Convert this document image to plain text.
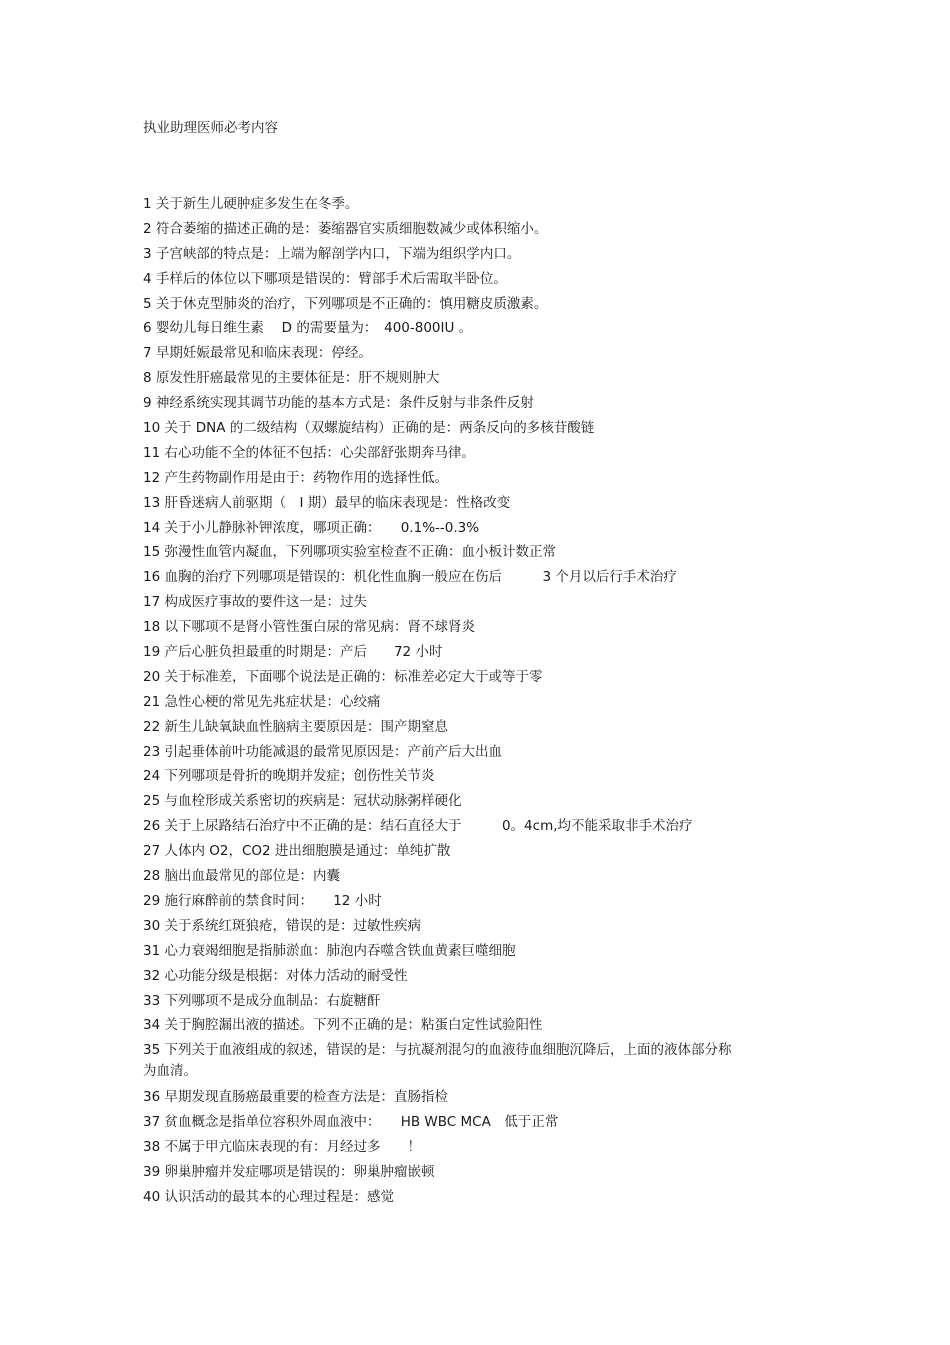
执业助理医师必考内容
1 关于新生儿硬肿症多发生在冬季。
2 符合萎缩的描述正确的是：萎缩器官实质细胞数减少或体积缩小。
3 子宫峡部的特点是：上端为解剖学内口，下端为组织学内口。
4 手样后的体位以下哪项是错误的：臂部手术后需取半卧位。
5 关于休克型肺炎的治疗，下列哪项是不正确的：慎用糖皮质激素。
6 婴幼儿每日维生素　 D 的需要量为：　400-800IU 。
7 早期妊娠最常见和临床表现：停经。
8 原发性肝癌最常见的主要体征是：肝不规则肿大
9 神经系统实现其调节功能的基本方式是：条件反射与非条件反射
10 关于 DNA 的二级结构（双螺旋结构）正确的是：两条反向的多核苷酸链
11 右心功能不全的体征不包括：心尖部舒张期奔马律。
12 产生药物副作用是由于：药物作用的选择性低。
13 肝昏迷病人前驱期（　I 期）最早的临床表现是：性格改变
14 关于小儿静脉补钾浓度，哪项正确：　　0.1%--0.3%
15 弥漫性血管内凝血，下列哪项实验室检查不正确：血小板计数正常
16 血胸的治疗下列哪项是错误的：机化性血胸一般应在伤后　　　3 个月以后行手术治疗
17 构成医疗事故的要件这一是：过失
18 以下哪项不是肾小管性蛋白尿的常见病：肾不球肾炎
19 产后心脏负担最重的时期是：产后　　72 小时
20 关于标准差，下面哪个说法是正确的：标准差必定大于或等于零
21 急性心梗的常见先兆症状是：心绞痛
22 新生儿缺氧缺血性脑病主要原因是：围产期窒息
23 引起垂体前叶功能减退的最常见原因是：产前产后大出血
24 下列哪项是骨折的晚期并发症；创伤性关节炎
25 与血栓形成关系密切的疾病是：冠状动脉粥样硬化
26 关于上尿路结石治疗中不正确的是：结石直径大于　　　0。4cm,均不能采取非手术治疗
27 人体内 O2，CO2 进出细胞膜是通过：单纯扩散
28 脑出血最常见的部位是：内囊
29 施行麻醉前的禁食时间：　　12 小时
30 关于系统红斑狼疮，错误的是：过敏性疾病
31 心力衰竭细胞是指肺淤血：肺泡内吞噬含铁血黄素巨噬细胞
32 心功能分级是根据：对体力活动的耐受性
33 下列哪项不是成分血制品：右旋糖酐
34 关于胸腔漏出液的描述。下列不正确的是：粘蛋白定性试验阳性
35 下列关于血液组成的叙述，错误的是：与抗凝剂混匀的血液待血细胞沉降后，上面的液体部分称为血清。
36 早期发现直肠癌最重要的检查方法是：直肠指检
37 贫血概念是指单位容积外周血液中：　　HB WBC MCA　低于正常
38 不属于甲亢临床表现的有：月经过多　　！
39 卵巢肿瘤并发症哪项是错误的：卵巢肿瘤嵌顿
40 认识活动的最其本的心理过程是：感觉
